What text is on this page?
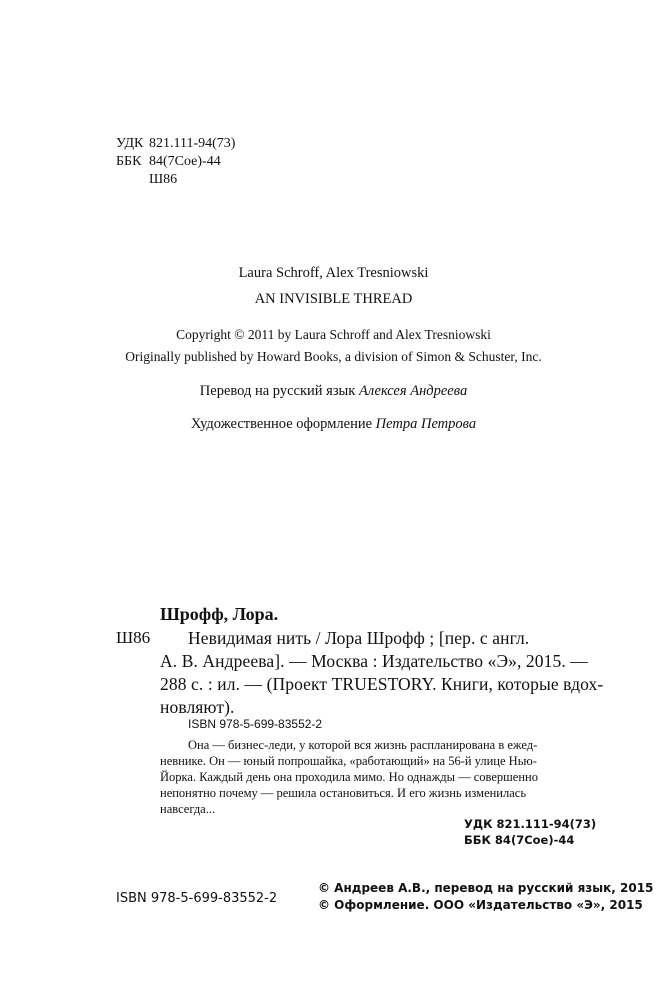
УДК 821.111-94(73)
ББК 84(7Сое)-44
Ш86
Laura Schroff, Alex Tresniowski
AN INVISIBLE THREAD
Copyright © 2011 by Laura Schroff and Alex Tresniowski
Originally published by Howard Books, a division of Simon & Schuster, Inc.
Перевод на русский язык Алексея Андреева
Художественное оформление Петра Петрова
Шрофф, Лора.
Ш86 Невидимая нить / Лора Шрофф ; [пер. с англ.
А. В. Андреева]. — Москва : Издательство «Э», 2015. —
288 с. : ил. — (Проект TRUESTORY. Книги, которые вдох-
новляют).
ISBN 978-5-699-83552-2
Она — бизнес-леди, у которой вся жизнь распланирована в ежед-
невнике. Он — юный попрошайка, «работающий» на 56-й улице Нью-
Йорка. Каждый день она проходила мимо. Но однажды — совершенно
непонятно почему — решила остановиться. И его жизнь изменилась
навсегда...
УДК 821.111-94(73)
ББК 84(7Сое)-44
ISBN 978-5-699-83552-2
© Андреев А.В., перевод на русский язык, 2015
© Оформление. ООО «Издательство «Э», 2015
